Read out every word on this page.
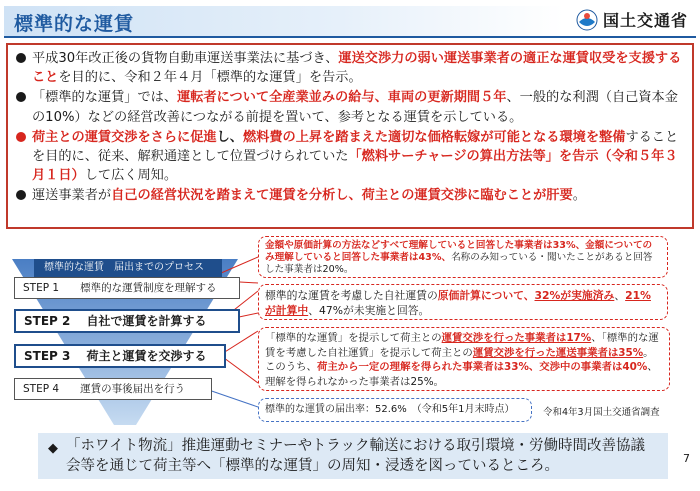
標準的な運賃	国土交通省
平成30年改正後の貨物自動車運送事業法に基づき、運送交渉力の弱い運送事業者の適正な運賃収受を支援することを目的に、令和２年４月「標準的な運賃」を告示。
「標準的な運賃」では、運転者について全産業並みの給与、車両の更新期間５年、一般的な利潤（自己資本金の10%）などの経営改善につながる前提を置いて、参考となる運賃を示している。
荷主との運賃交渉をさらに促進し、燃料費の上昇を踏まえた適切な価格転嫁が可能となる環境を整備することを目的に、従来、解釈通達として位置づけられていた「燃料サーチャージの算出方法等」を告示（令和５年３月１日）して広く周知。
運送事業者が自己の経営状況を踏まえて運賃を分析し、荷主との運賃交渉に臨むことが肝要。
標準的な運賃　届出までのプロセス
STEP 1　　標準的な運賃制度を理解する
STEP 2　 自社で運賃を計算する
STEP 3　 荷主と運賃を交渉する
STEP 4　　運賃の事後届出を行う
金額や原価計算の方法などすべて理解していると回答した事業者は33%、金額についてのみ理解していると回答した事業者は43%、名称のみ知っている・聞いたことがあると回答した事業者は20%。
標準的な運賃を考慮した自社運賃の原価計算について、32%が実施済み、21%が計算中、47%が未実施と回答。
「標準的な運賃」を提示して荷主との運賃交渉を行った事業者は17%、「標準的な運賃を考慮した自社運賃」を提示して荷主との運賃交渉を行った運送事業者は35%。このうち、荷主から一定の理解を得られた事業者は33%、交渉中の事業者は40%、理解を得られなかった事業者は25%。
標準的な運賃の届出率：52.6%　（令和5年1月末時点）	令和4年3月国土交通省調査
◆ 「ホワイト物流」推進運動セミナーやトラック輸送における取引環境・労働時間改善協議会等を通じて荷主等へ「標準的な運賃」の周知・浸透を図っているところ。	7
